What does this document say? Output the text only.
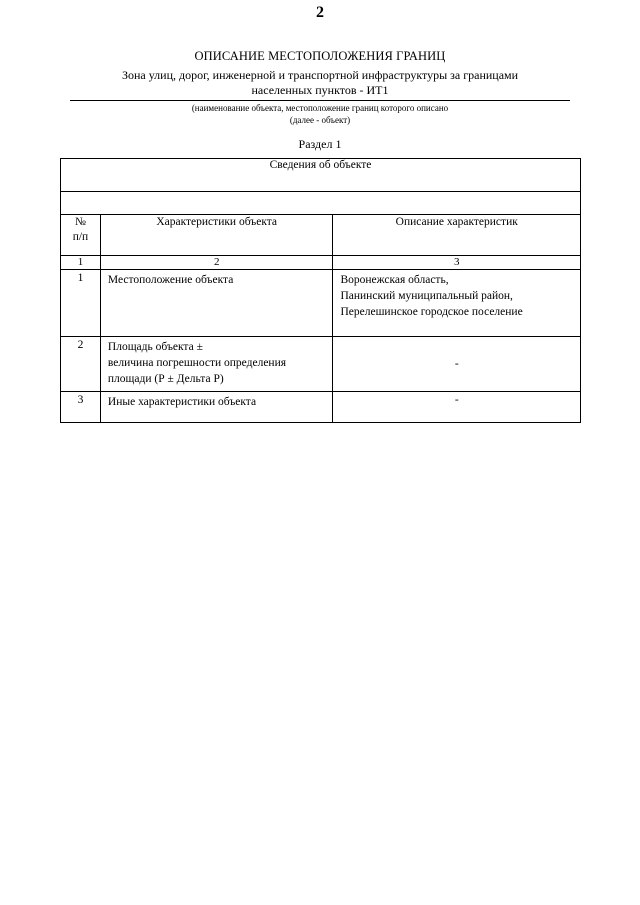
2
ОПИСАНИЕ МЕСТОПОЛОЖЕНИЯ ГРАНИЦ
Зона улиц, дорог, инженерной и транспортной инфраструктуры за границами
населенных пунктов - ИТ1
(наименование объекта, местоположение границ которого описано
(далее - объект)
Раздел 1
Сведения об объекте		

№
п/п	Характеристики объекта	Описание характеристик
1	2	3
1	Местоположение объекта	Воронежская область,
Панинский муниципальный район,
Перелешинское городское поселение

2	Площадь объекта ±
величина погрешности определения
площади (Р ± Дельта Р)	-
3	Иные характеристики объекта	-
